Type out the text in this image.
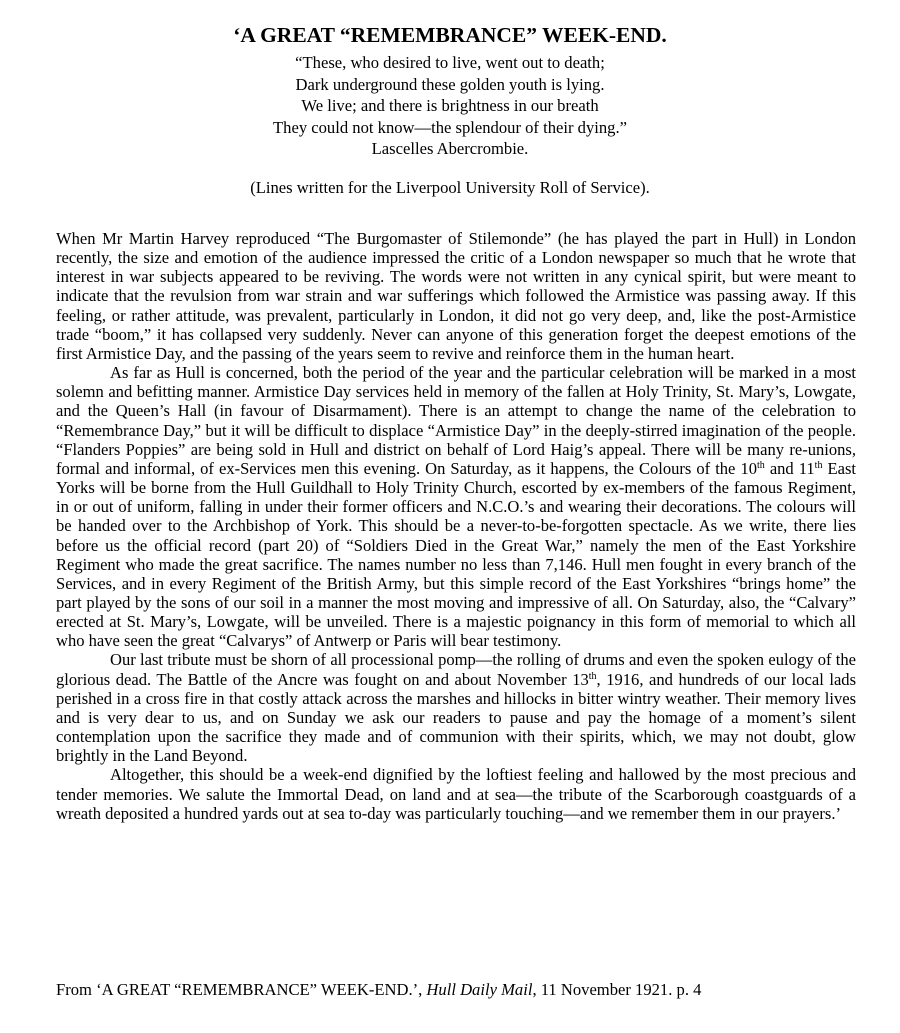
‘A GREAT “REMEMBRANCE” WEEK-END.
“These, who desired to live, went out to death;
Dark underground these golden youth is lying.
We live; and there is brightness in our breath
They could not know—the splendour of their dying.”
Lascelles Abercrombie.
(Lines written for the Liverpool University Roll of Service).

When Mr Martin Harvey reproduced “The Burgomaster of Stilemonde” (he has played the part in Hull) in London recently, the size and emotion of the audience impressed the critic of a London newspaper so much that he wrote that interest in war subjects appeared to be reviving. The words were not written in any cynical spirit, but were meant to indicate that the revulsion from war strain and war sufferings which followed the Armistice was passing away. If this feeling, or rather attitude, was prevalent, particularly in London, it did not go very deep, and, like the post-Armistice trade “boom,” it has collapsed very suddenly. Never can anyone of this generation forget the deepest emotions of the first Armistice Day, and the passing of the years seem to revive and reinforce them in the human heart.

As far as Hull is concerned, both the period of the year and the particular celebration will be marked in a most solemn and befitting manner. Armistice Day services held in memory of the fallen at Holy Trinity, St. Mary’s, Lowgate, and the Queen’s Hall (in favour of Disarmament). There is an attempt to change the name of the celebration to “Remembrance Day,” but it will be difficult to displace “Armistice Day” in the deeply-stirred imagination of the people. “Flanders Poppies” are being sold in Hull and district on behalf of Lord Haig’s appeal. There will be many re-unions, formal and informal, of ex-Services men this evening. On Saturday, as it happens, the Colours of the 10th and 11th East Yorks will be borne from the Hull Guildhall to Holy Trinity Church, escorted by ex-members of the famous Regiment, in or out of uniform, falling in under their former officers and N.C.O.’s and wearing their decorations. The colours will be handed over to the Archbishop of York. This should be a never-to-be-forgotten spectacle. As we write, there lies before us the official record (part 20) of “Soldiers Died in the Great War,” namely the men of the East Yorkshire Regiment who made the great sacrifice. The names number no less than 7,146. Hull men fought in every branch of the Services, and in every Regiment of the British Army, but this simple record of the East Yorkshires “brings home” the part played by the sons of our soil in a manner the most moving and impressive of all. On Saturday, also, the “Calvary” erected at St. Mary’s, Lowgate, will be unveiled. There is a majestic poignancy in this form of memorial to which all who have seen the great “Calvarys” of Antwerp or Paris will bear testimony.

Our last tribute must be shorn of all processional pomp—the rolling of drums and even the spoken eulogy of the glorious dead. The Battle of the Ancre was fought on and about November 13th, 1916, and hundreds of our local lads perished in a cross fire in that costly attack across the marshes and hillocks in bitter wintry weather. Their memory lives and is very dear to us, and on Sunday we ask our readers to pause and pay the homage of a moment’s silent contemplation upon the sacrifice they made and of communion with their spirits, which, we may not doubt, glow brightly in the Land Beyond.

Altogether, this should be a week-end dignified by the loftiest feeling and hallowed by the most precious and tender memories. We salute the Immortal Dead, on land and at sea—the tribute of the Scarborough coastguards of a wreath deposited a hundred yards out at sea to-day was particularly touching—and we remember them in our prayers.’

From ‘A GREAT “REMEMBRANCE” WEEK-END.’, Hull Daily Mail, 11 November 1921. p. 4
